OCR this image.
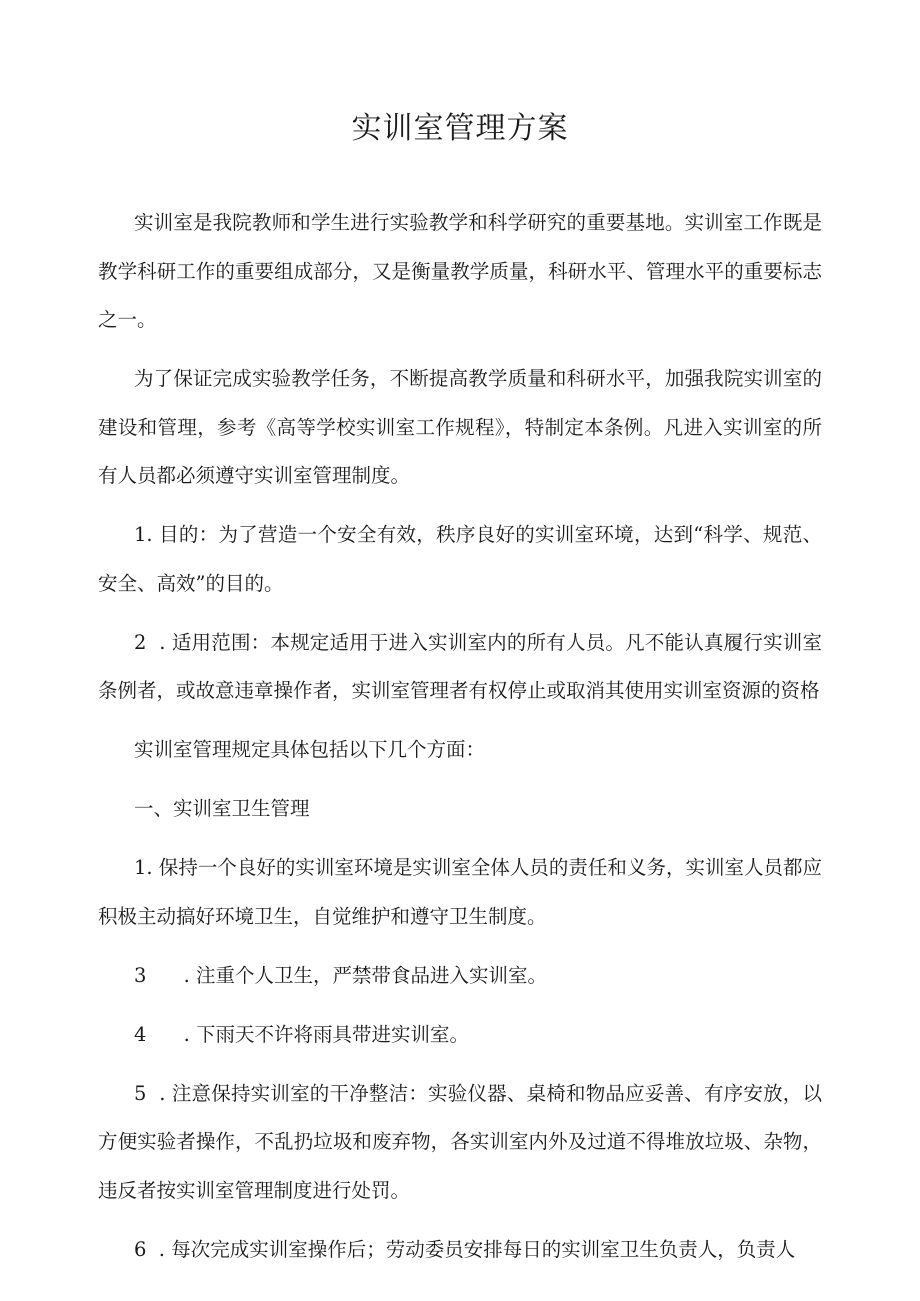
实训室管理方案

实训室是我院教师和学生进行实验教学和科学研究的重要基地。实训室工作既是教学科研工作的重要组成部分，又是衡量教学质量，科研水平、管理水平的重要标志之一。

为了保证完成实验教学任务，不断提高教学质量和科研水平，加强我院实训室的建设和管理，参考《高等学校实训室工作规程》，特制定本条例。凡进入实训室的所有人员都必须遵守实训室管理制度。

1. 目的：为了营造一个安全有效，秩序良好的实训室环境，达到“科学、规范、安全、高效”的目的。

2  . 适用范围：本规定适用于进入实训室内的所有人员。凡不能认真履行实训室条例者，或故意违章操作者，实训室管理者有权停止或取消其使用实训室资源的资格

实训室管理规定具体包括以下几个方面：

一、实训室卫生管理

1. 保持一个良好的实训室环境是实训室全体人员的责任和义务，实训室人员都应积极主动搞好环境卫生，自觉维护和遵守卫生制度。

3      . 注重个人卫生，严禁带食品进入实训室。

4      . 下雨天不许将雨具带进实训室。

5  . 注意保持实训室的干净整洁：实验仪器、桌椅和物品应妥善、有序安放，以方便实验者操作，不乱扔垃圾和废弃物，各实训室内外及过道不得堆放垃圾、杂物，违反者按实训室管理制度进行处罚。

6  . 每次完成实训室操作后；劳动委员安排每日的实训室卫生负责人，负责人
